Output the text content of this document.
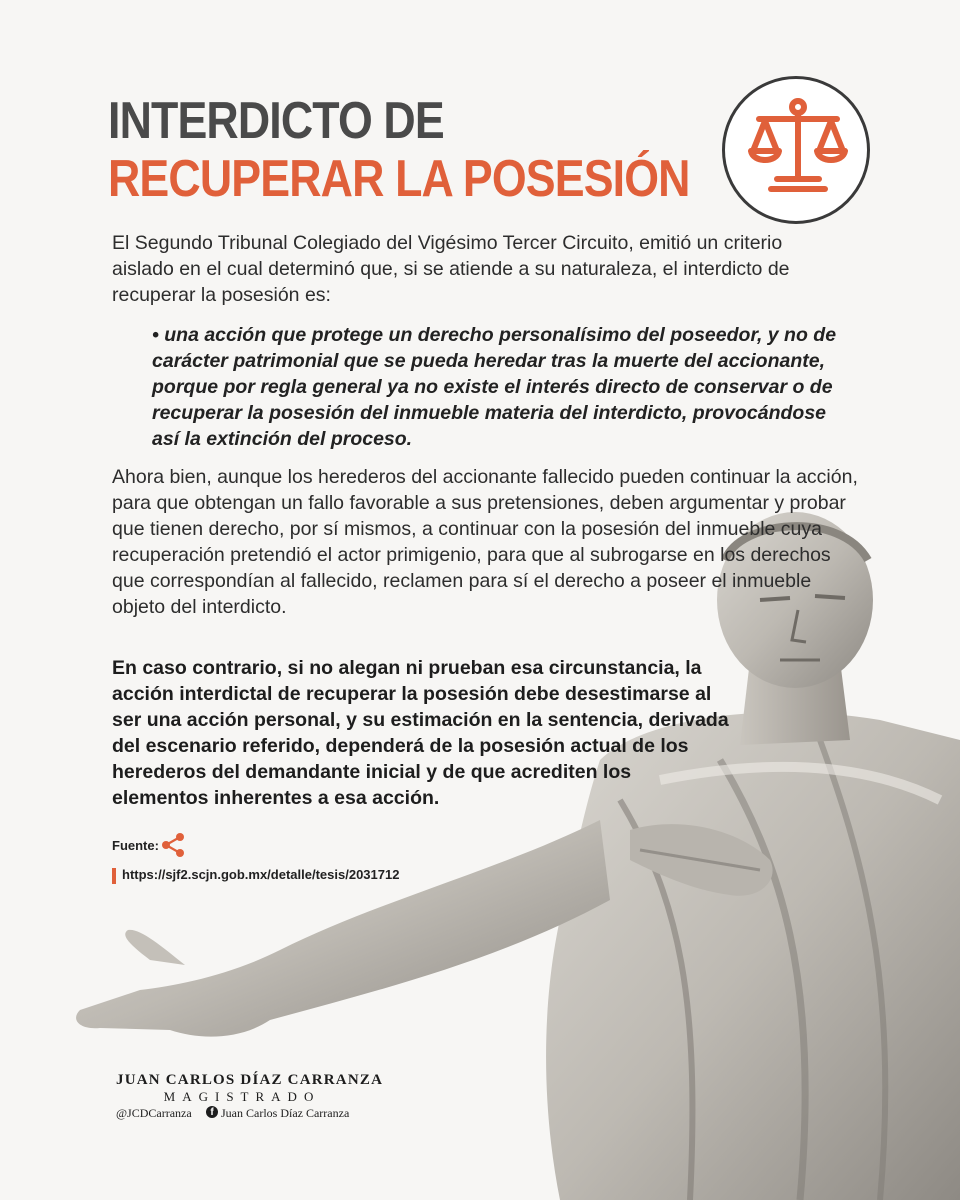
INTERDICTO DE
RECUPERAR LA POSESIÓN

El Segundo Tribunal Colegiado del Vigésimo Tercer Circuito, emitió un criterio aislado en el cual determinó que, si se atiende a su naturaleza, el interdicto de recuperar la posesión es:

• una acción que protege un derecho personalísimo del poseedor, y no de carácter patrimonial que se pueda heredar tras la muerte del accionante, porque por regla general ya no existe el interés directo de conservar o de recuperar la posesión del inmueble materia del interdicto, provocándose así la extinción del proceso.

Ahora bien, aunque los herederos del accionante fallecido pueden continuar la acción, para que obtengan un fallo favorable a sus pretensiones, deben argumentar y probar que tienen derecho, por sí mismos, a continuar con la posesión del inmueble cuya recuperación pretendió el actor primigenio, para que al subrogarse en los derechos que correspondían al fallecido, reclamen para sí el derecho a poseer el inmueble objeto del interdicto.

En caso contrario, si no alegan ni prueban esa circunstancia, la acción interdictal de recuperar la posesión debe desestimarse al ser una acción personal, y su estimación en la sentencia, derivada del escenario referido, dependerá de la posesión actual de los herederos del demandante inicial y de que acrediten los elementos inherentes a esa acción.

Fuente:
https://sjf2.scjn.gob.mx/detalle/tesis/2031712
JUAN CARLOS DÍAZ CARRANZA
MAGISTRADO
@JCDCarranza	f Juan Carlos Díaz Carranza
